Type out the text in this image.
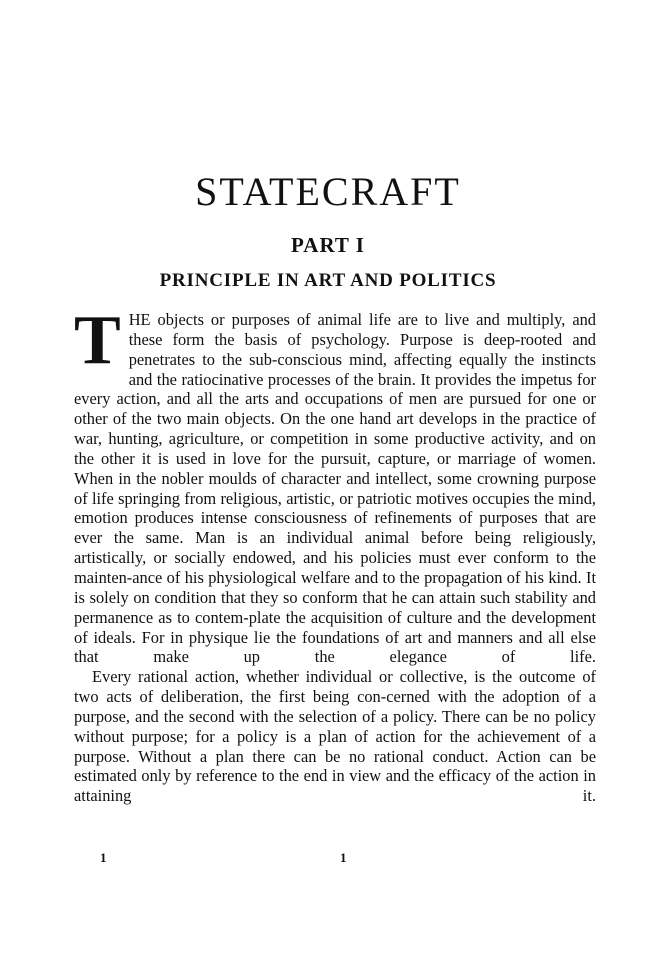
STATECRAFT
PART I
PRINCIPLE IN ART AND POLITICS

THE objects or purposes of animal life are to live and multiply, and these form the basis of psychology. Purpose is deep-rooted and penetrates to the sub-conscious mind, affecting equally the instincts and the ratiocinative processes of the brain. It provides the impetus for every action, and all the arts and occupations of men are pursued for one or other of the two main objects. On the one hand art develops in the practice of war, hunting, agriculture, or competition in some productive activity, and on the other it is used in love for the pursuit, capture, or marriage of women. When in the nobler moulds of character and intellect, some crowning purpose of life springing from religious, artistic, or patriotic motives occupies the mind, emotion produces intense consciousness of refinements of purposes that are ever the same. Man is an individual animal before being religiously, artistically, or socially endowed, and his policies must ever conform to the mainten-ance of his physiological welfare and to the propagation of his kind. It is solely on condition that they so conform that he can attain such stability and permanence as to contem-plate the acquisition of culture and the development of ideals. For in physique lie the foundations of art and manners and all else that make up the elegance of life.

Every rational action, whether individual or collective, is the outcome of two acts of deliberation, the first being con-cerned with the adoption of a purpose, and the second with the selection of a policy. There can be no policy without purpose; for a policy is a plan of action for the achievement of a purpose. Without a plan there can be no rational conduct. Action can be estimated only by reference to the end in view and the efficacy of the action in attaining it.

1	1
